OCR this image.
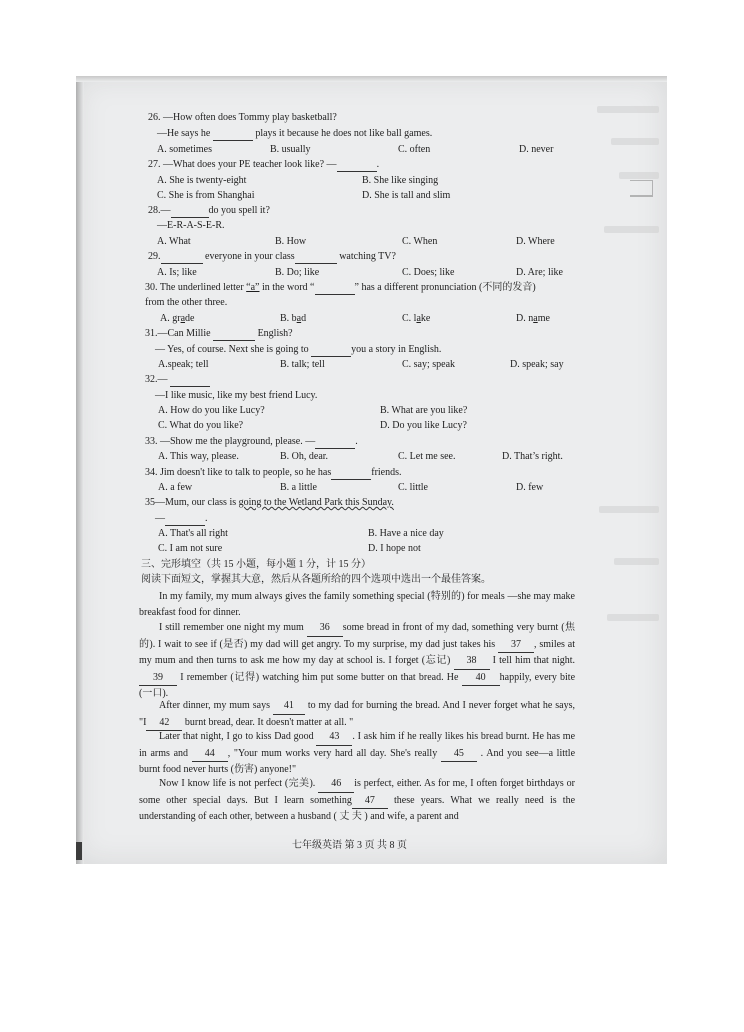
26. —How often does Tommy play basketball?
—He says he	plays it because he does not like ball games.
A. sometimes	B. usually	C. often	D. never
27. —What does your PE teacher look like? —	.
A. She is twenty-eight	B. She like singing
C. She is from Shanghai	D. She is tall and slim
28.—	do you spell it?
—E-R-A-S-E-R.
A. What	B. How	C. When	D. Where
29.	everyone in your class	watching TV?
A. Is; like	B. Do; like	C. Does; like	D. Are; like
30. The underlined letter “a” in the word “	” has a different pronunciation (不同的发音)
from the other three.
A. grade	B. bad	C. lake	D. name
31.—Can Millie	English?
— Yes, of course. Next she is going to	you a story in English.
A.speak; tell	B. talk; tell	C. say; speak	D. speak; say
32.—
—I like music, like my best friend Lucy.
A. How do you like Lucy?	B. What are you like?
C. What do you like?	D. Do you like Lucy?
33. —Show me the playground, please. —	.
A. This way, please.	B. Oh, dear.	C. Let me see.	D. That’s right.
34. Jim doesn't like to talk to people, so he has	friends.
A. a few	B. a little	C. little	D. few
35—Mum, our class is going to the Wetland Park this Sunday.
—	.
A. That's all right	B. Have a nice day
C. I am not sure	D. I hope not
三、完形填空（共 15 小题，每小题 1 分，计 15 分）
阅读下面短文，掌握其大意，然后从各题所给的四个选项中选出一个最佳答案。
In my family, my mum always gives the family something special (特别的) for meals —she may make breakfast food for dinner.
I still remember one night my mum 36 some bread in front of my dad, something very burnt (焦的). I wait to see if (是否) my dad will get angry. To my surprise, my dad just takes his 37 , smiles at my mum and then turns to ask me how my day at school is. I forget (忘记) 38 I tell him that night. 39 I remember (记得) watching him put some butter on that bread. He 40 happily, every bite (一口).
After dinner, my mum says 41 to my dad for burning the bread. And I never forget what he says, "I 42 burnt bread, dear. It doesn't matter at all. "
Later that night, I go to kiss Dad good 43 . I ask him if he really likes his bread burnt. He has me in arms and 44 , "Your mum works very hard all day. She's really 45 . And you see—a little burnt food never hurts (伤害) anyone!"
Now I know life is not perfect (完美). 46 is perfect, either. As for me, I often forget birthdays or some other special days. But I learn something 47 these years. What we really need is the understanding of each other, between a husband ( 丈 夫 ) and wife, a parent and
七年级英语 第 3 页 共 8 页
